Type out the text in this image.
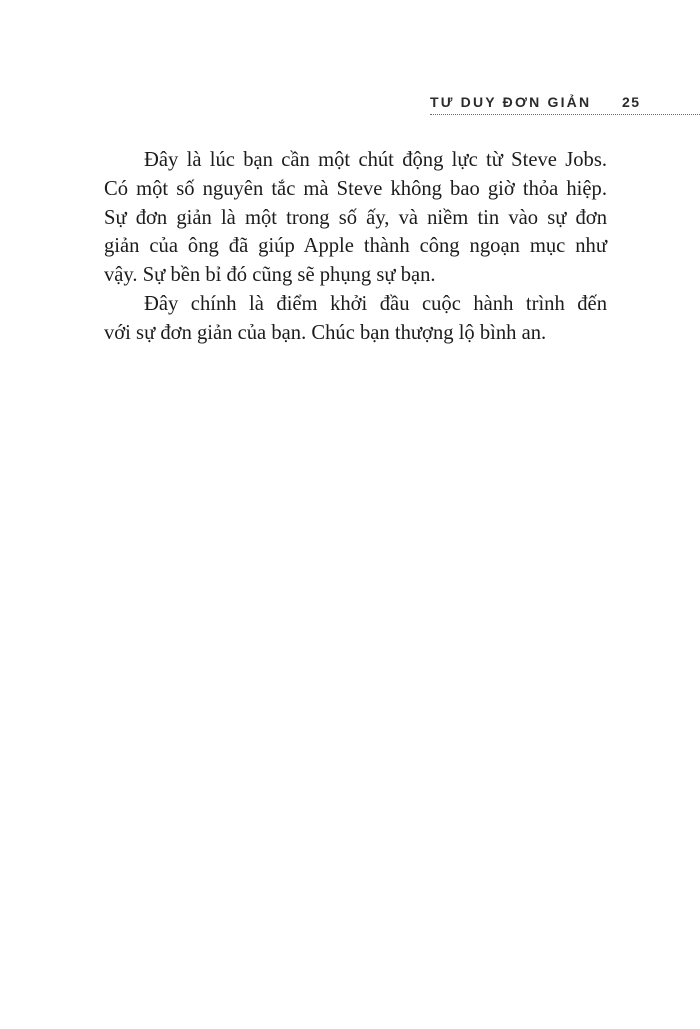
TƯ DUY ĐƠN GIẢN 25

Đây là lúc bạn cần một chút động lực từ Steve Jobs.
Có một số nguyên tắc mà Steve không bao giờ thỏa hiệp.
Sự đơn giản là một trong số ấy, và niềm tin vào sự đơn
giản của ông đã giúp Apple thành công ngoạn mục như
vậy. Sự bền bỉ đó cũng sẽ phụng sự bạn.

Đây chính là điểm khởi đầu cuộc hành trình đến
với sự đơn giản của bạn. Chúc bạn thượng lộ bình an.
